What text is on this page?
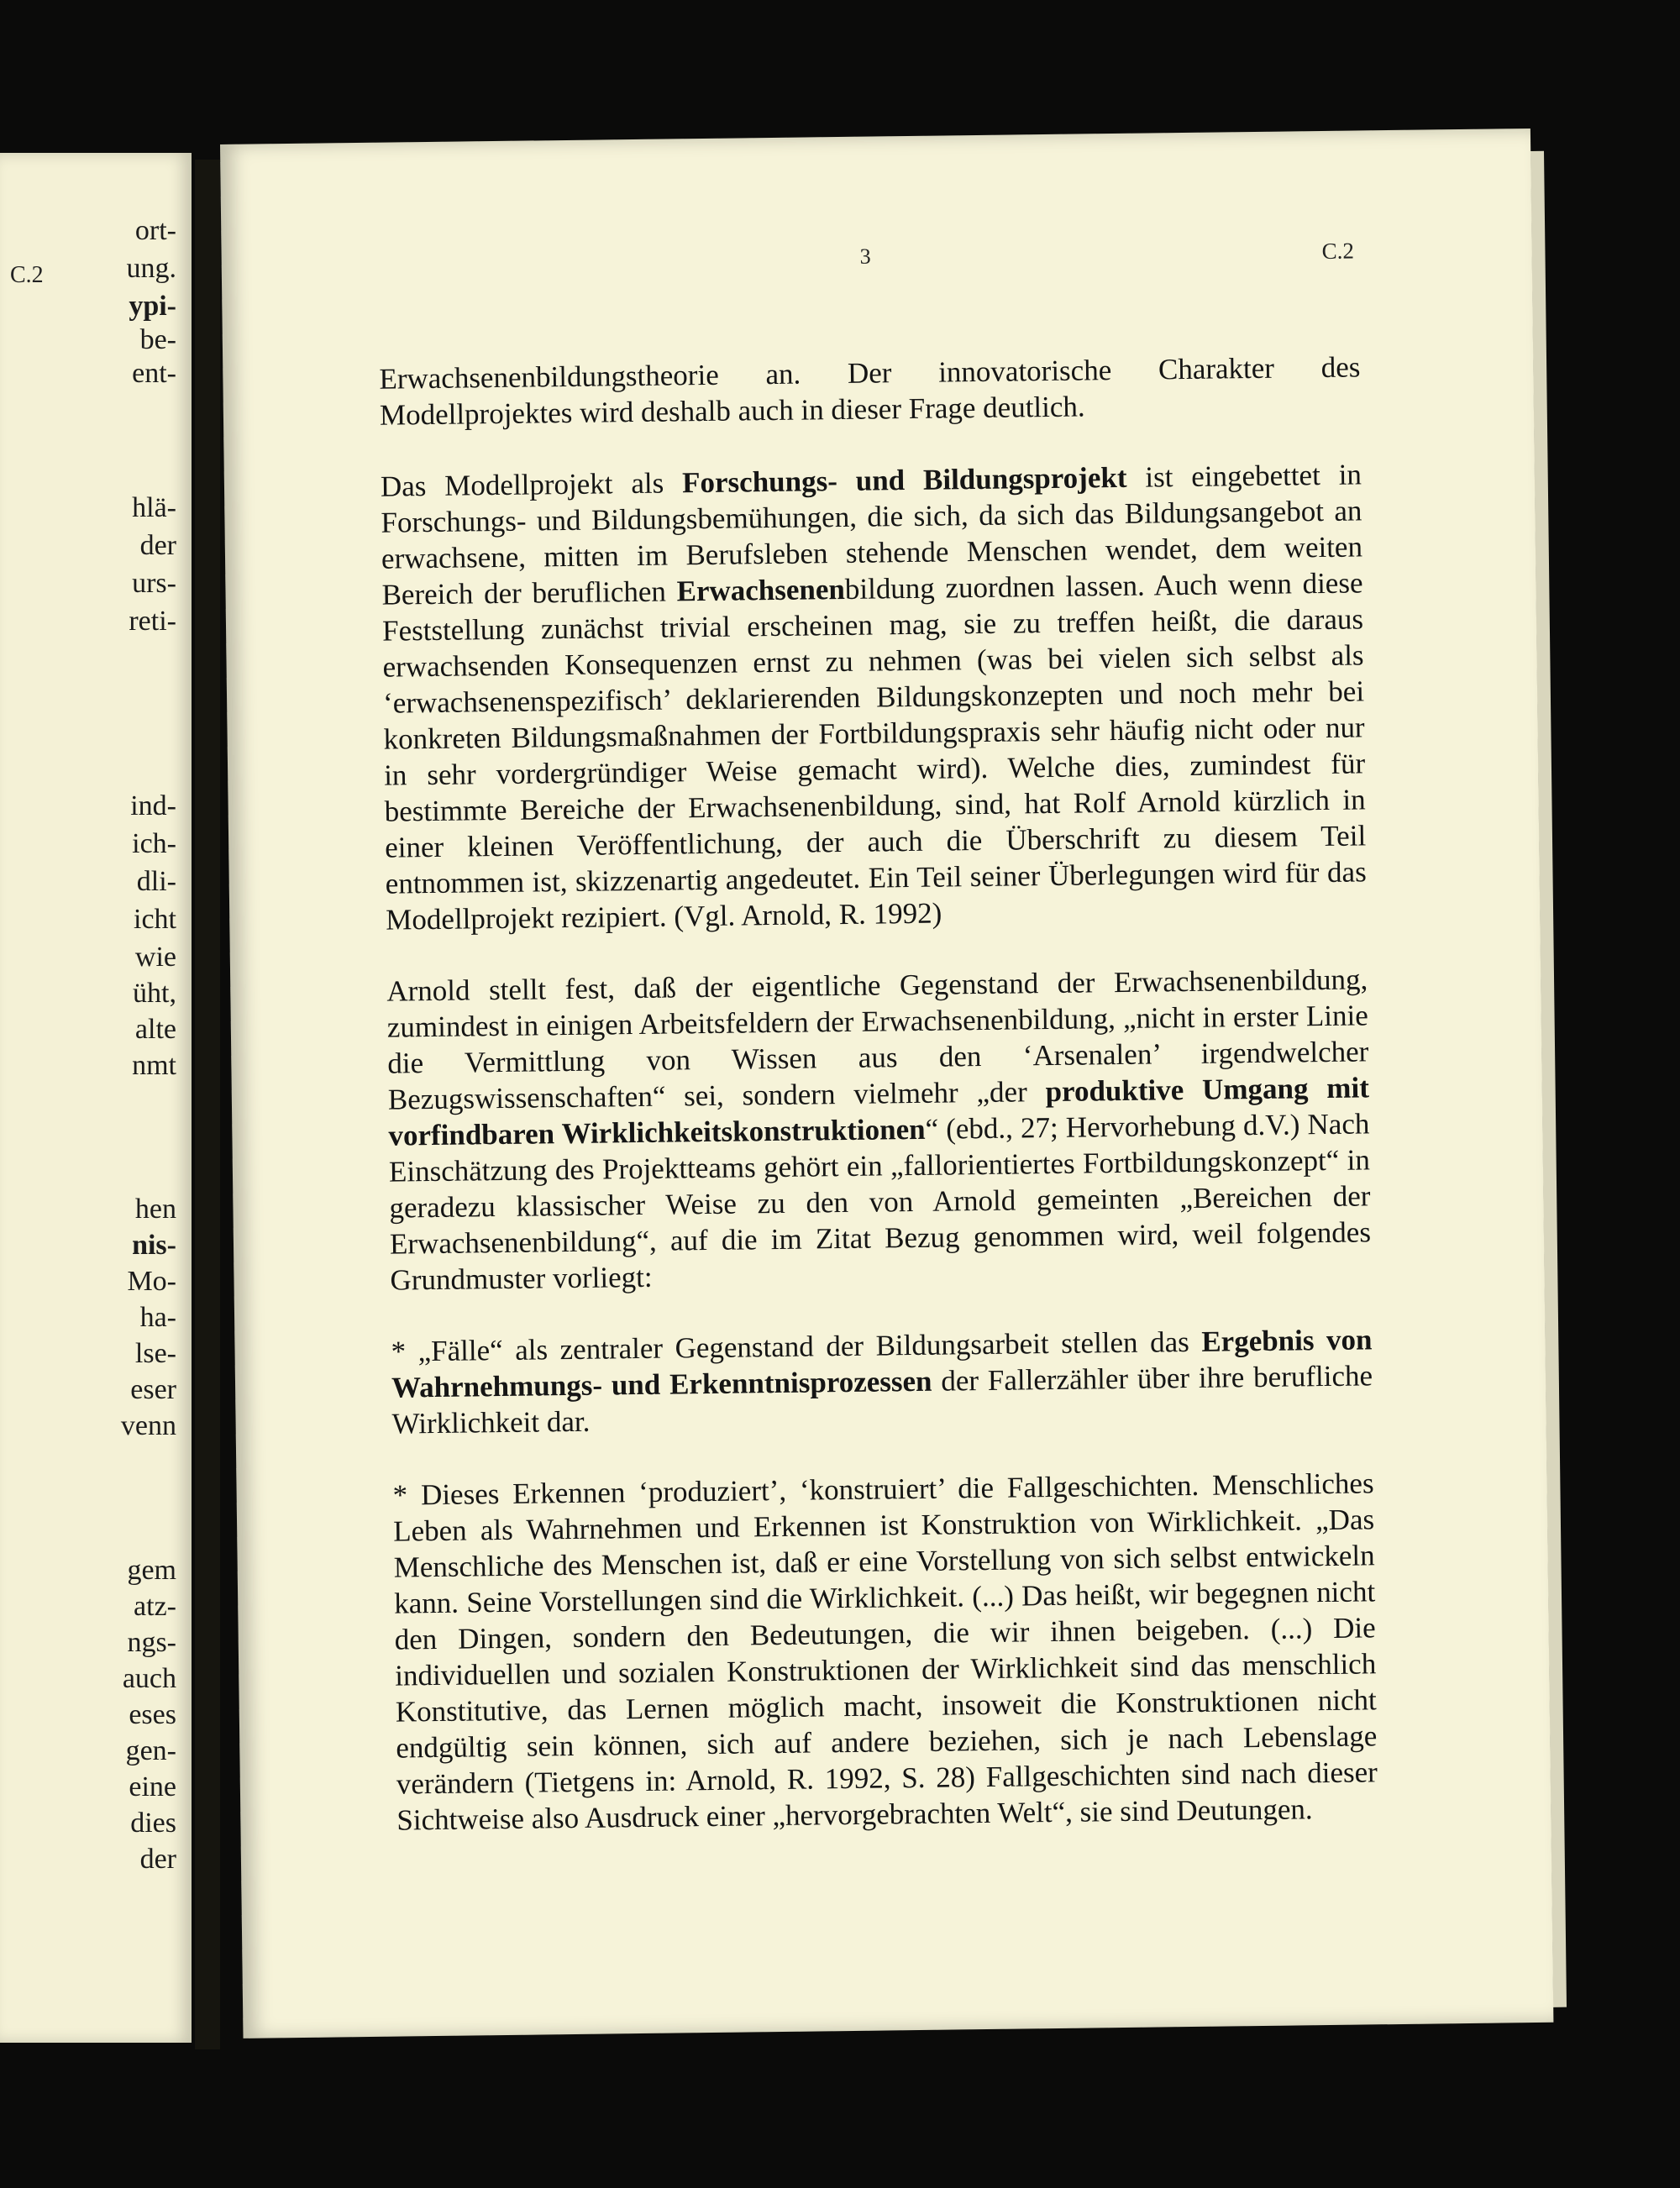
C.2
ort-
ung.
ypi-
be-
ent-
hlä-
der
urs-
reti-
ind-
ich-
dli-
icht
wie
üht,
alte
nmt
hen
nis-
Mo-
ha-
lse-
eser
venn
gem
atz-
ngs-
auch
eses
gen-
eine
dies
der
3	C.2

Erwachsenenbildungstheorie an. Der innovatorische Charakter des Modellprojektes wird deshalb auch in dieser Frage deutlich.

Das Modellprojekt als Forschungs- und Bildungsprojekt ist eingebettet in Forschungs- und Bildungsbemühungen, die sich, da sich das Bildungsangebot an erwachsene, mitten im Berufsleben stehende Menschen wendet, dem weiten Bereich der beruflichen Erwachsenenbildung zuordnen lassen. Auch wenn diese Feststellung zunächst trivial erscheinen mag, sie zu treffen heißt, die daraus erwachsenden Konsequenzen ernst zu nehmen (was bei vielen sich selbst als ‘erwachsenenspezifisch’ deklarierenden Bildungskonzepten und noch mehr bei konkreten Bildungsmaßnahmen der Fortbildungspraxis sehr häufig nicht oder nur in sehr vordergründiger Weise gemacht wird). Welche dies, zumindest für bestimmte Bereiche der Erwachsenenbildung, sind, hat Rolf Arnold kürzlich in einer kleinen Veröffentlichung, der auch die Überschrift zu diesem Teil entnommen ist, skizzenartig angedeutet. Ein Teil seiner Überlegungen wird für das Modellprojekt rezipiert. (Vgl. Arnold, R. 1992)

Arnold stellt fest, daß der eigentliche Gegenstand der Erwachsenenbildung, zumindest in einigen Arbeitsfeldern der Erwachsenenbildung, „nicht in erster Linie die Vermittlung von Wissen aus den ‘Arsenalen’ irgendwelcher Bezugswissenschaften“ sei, sondern vielmehr „der produktive Umgang mit vorfindbaren Wirklichkeitskonstruktionen“ (ebd., 27; Hervorhebung d.V.) Nach Einschätzung des Projektteams gehört ein „fallorientiertes Fortbildungskonzept“ in geradezu klassischer Weise zu den von Arnold gemeinten „Bereichen der Erwachsenenbildung“, auf die im Zitat Bezug genommen wird, weil folgendes Grundmuster vorliegt:

* „Fälle“ als zentraler Gegenstand der Bildungsarbeit stellen das Ergebnis von Wahrnehmungs- und Erkenntnisprozessen der Fallerzähler über ihre berufliche Wirklichkeit dar.

* Dieses Erkennen ‘produziert’, ‘konstruiert’ die Fallgeschichten. Menschliches Leben als Wahrnehmen und Erkennen ist Konstruktion von Wirklichkeit. „Das Menschliche des Menschen ist, daß er eine Vorstellung von sich selbst entwickeln kann. Seine Vorstellungen sind die Wirklichkeit. (...) Das heißt, wir begegnen nicht den Dingen, sondern den Bedeutungen, die wir ihnen beigeben. (...) Die individuellen und sozialen Konstruktionen der Wirklichkeit sind das menschlich Konstitutive, das Lernen möglich macht, insoweit die Konstruktionen nicht endgültig sein können, sich auf andere beziehen, sich je nach Lebenslage verändern (Tietgens in: Arnold, R. 1992, S. 28) Fallgeschichten sind nach dieser Sichtweise also Ausdruck einer „hervorgebrachten Welt“, sie sind Deutungen.
